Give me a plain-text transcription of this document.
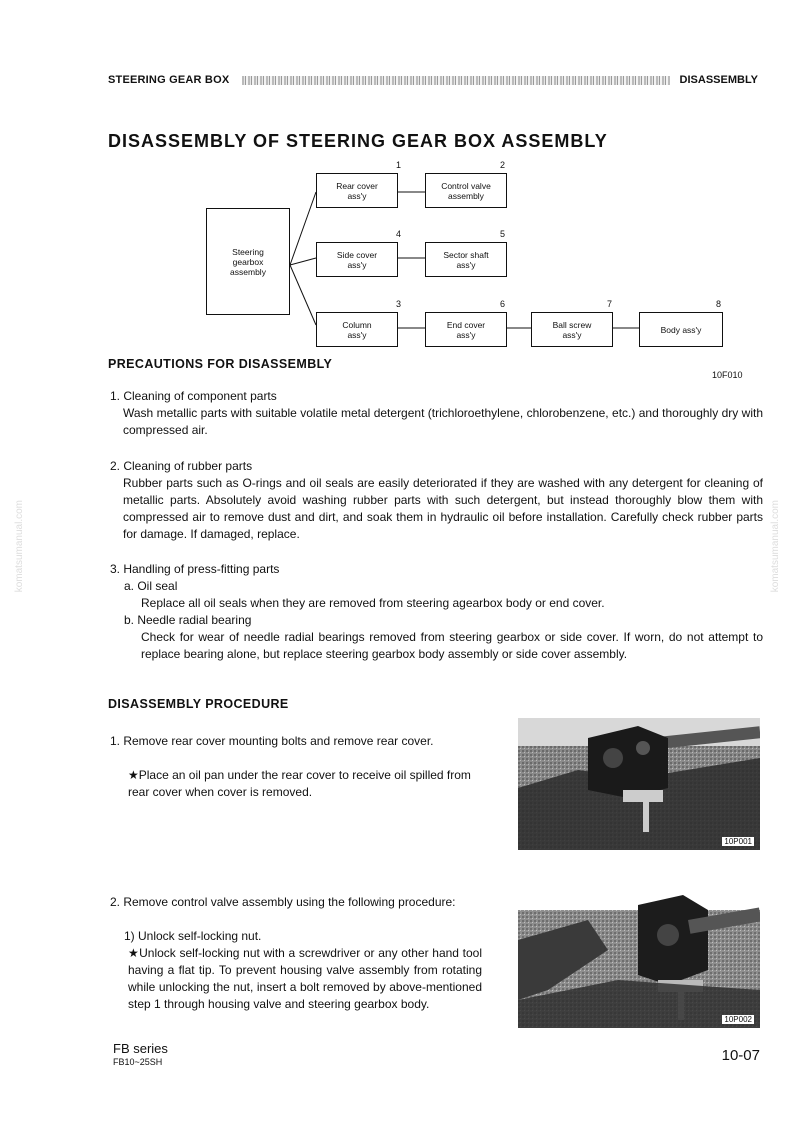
STEERING GEAR BOX	DISASSEMBLY
DISASSEMBLY OF STEERING GEAR BOX ASSEMBLY
Steering
gearbox
assembly
1
Rear cover
ass'y
2
Control valve
assembly
4
Side cover
ass'y
5
Sector shaft
ass'y
3
Column
ass'y
6
End cover
ass'y
7
Ball screw
ass'y
8
Body ass'y
10F010
PRECAUTIONS FOR DISASSEMBLY

1. Cleaning of component parts

Wash metallic parts with suitable volatile metal detergent (trichloroethylene, chlorobenzene, etc.) and thoroughly dry with compressed air.

2. Cleaning of rubber parts

Rubber parts such as O-rings and oil seals are easily deteriorated if they are washed with any detergent for cleaning of metallic parts. Absolutely avoid washing rubber parts with such detergent, but instead thoroughly blow them with compressed air to remove dust and dirt, and soak them in hydraulic oil before installation. Carefully check rubber parts for damage. If damaged, replace.

3. Handling of press-fitting parts

a. Oil seal

Replace all oil seals when they are removed from steering agearbox body or end cover.

b. Needle radial bearing

Check for wear of needle radial bearings removed from steering gearbox or side cover. If worn, do not attempt to replace bearing alone, but replace steering gearbox body assembly or side cover assembly.

DISASSEMBLY PROCEDURE

1. Remove rear cover mounting bolts and remove rear cover.

★Place an oil pan under the rear cover to receive oil spilled from rear cover when cover is removed.

10P001

2. Remove control valve assembly using the following procedure:

1) Unlock self-locking nut.

★Unlock self-locking nut with a screwdriver or any other hand tool having a flat tip. To prevent housing valve assembly from rotating while unlocking the nut, insert a bolt removed by above-mentioned step 1 through housing valve and steering gearbox body.

10P002
komatsumanual.com	komatsumanual.com
FB series
FB10~25SH	10-07
